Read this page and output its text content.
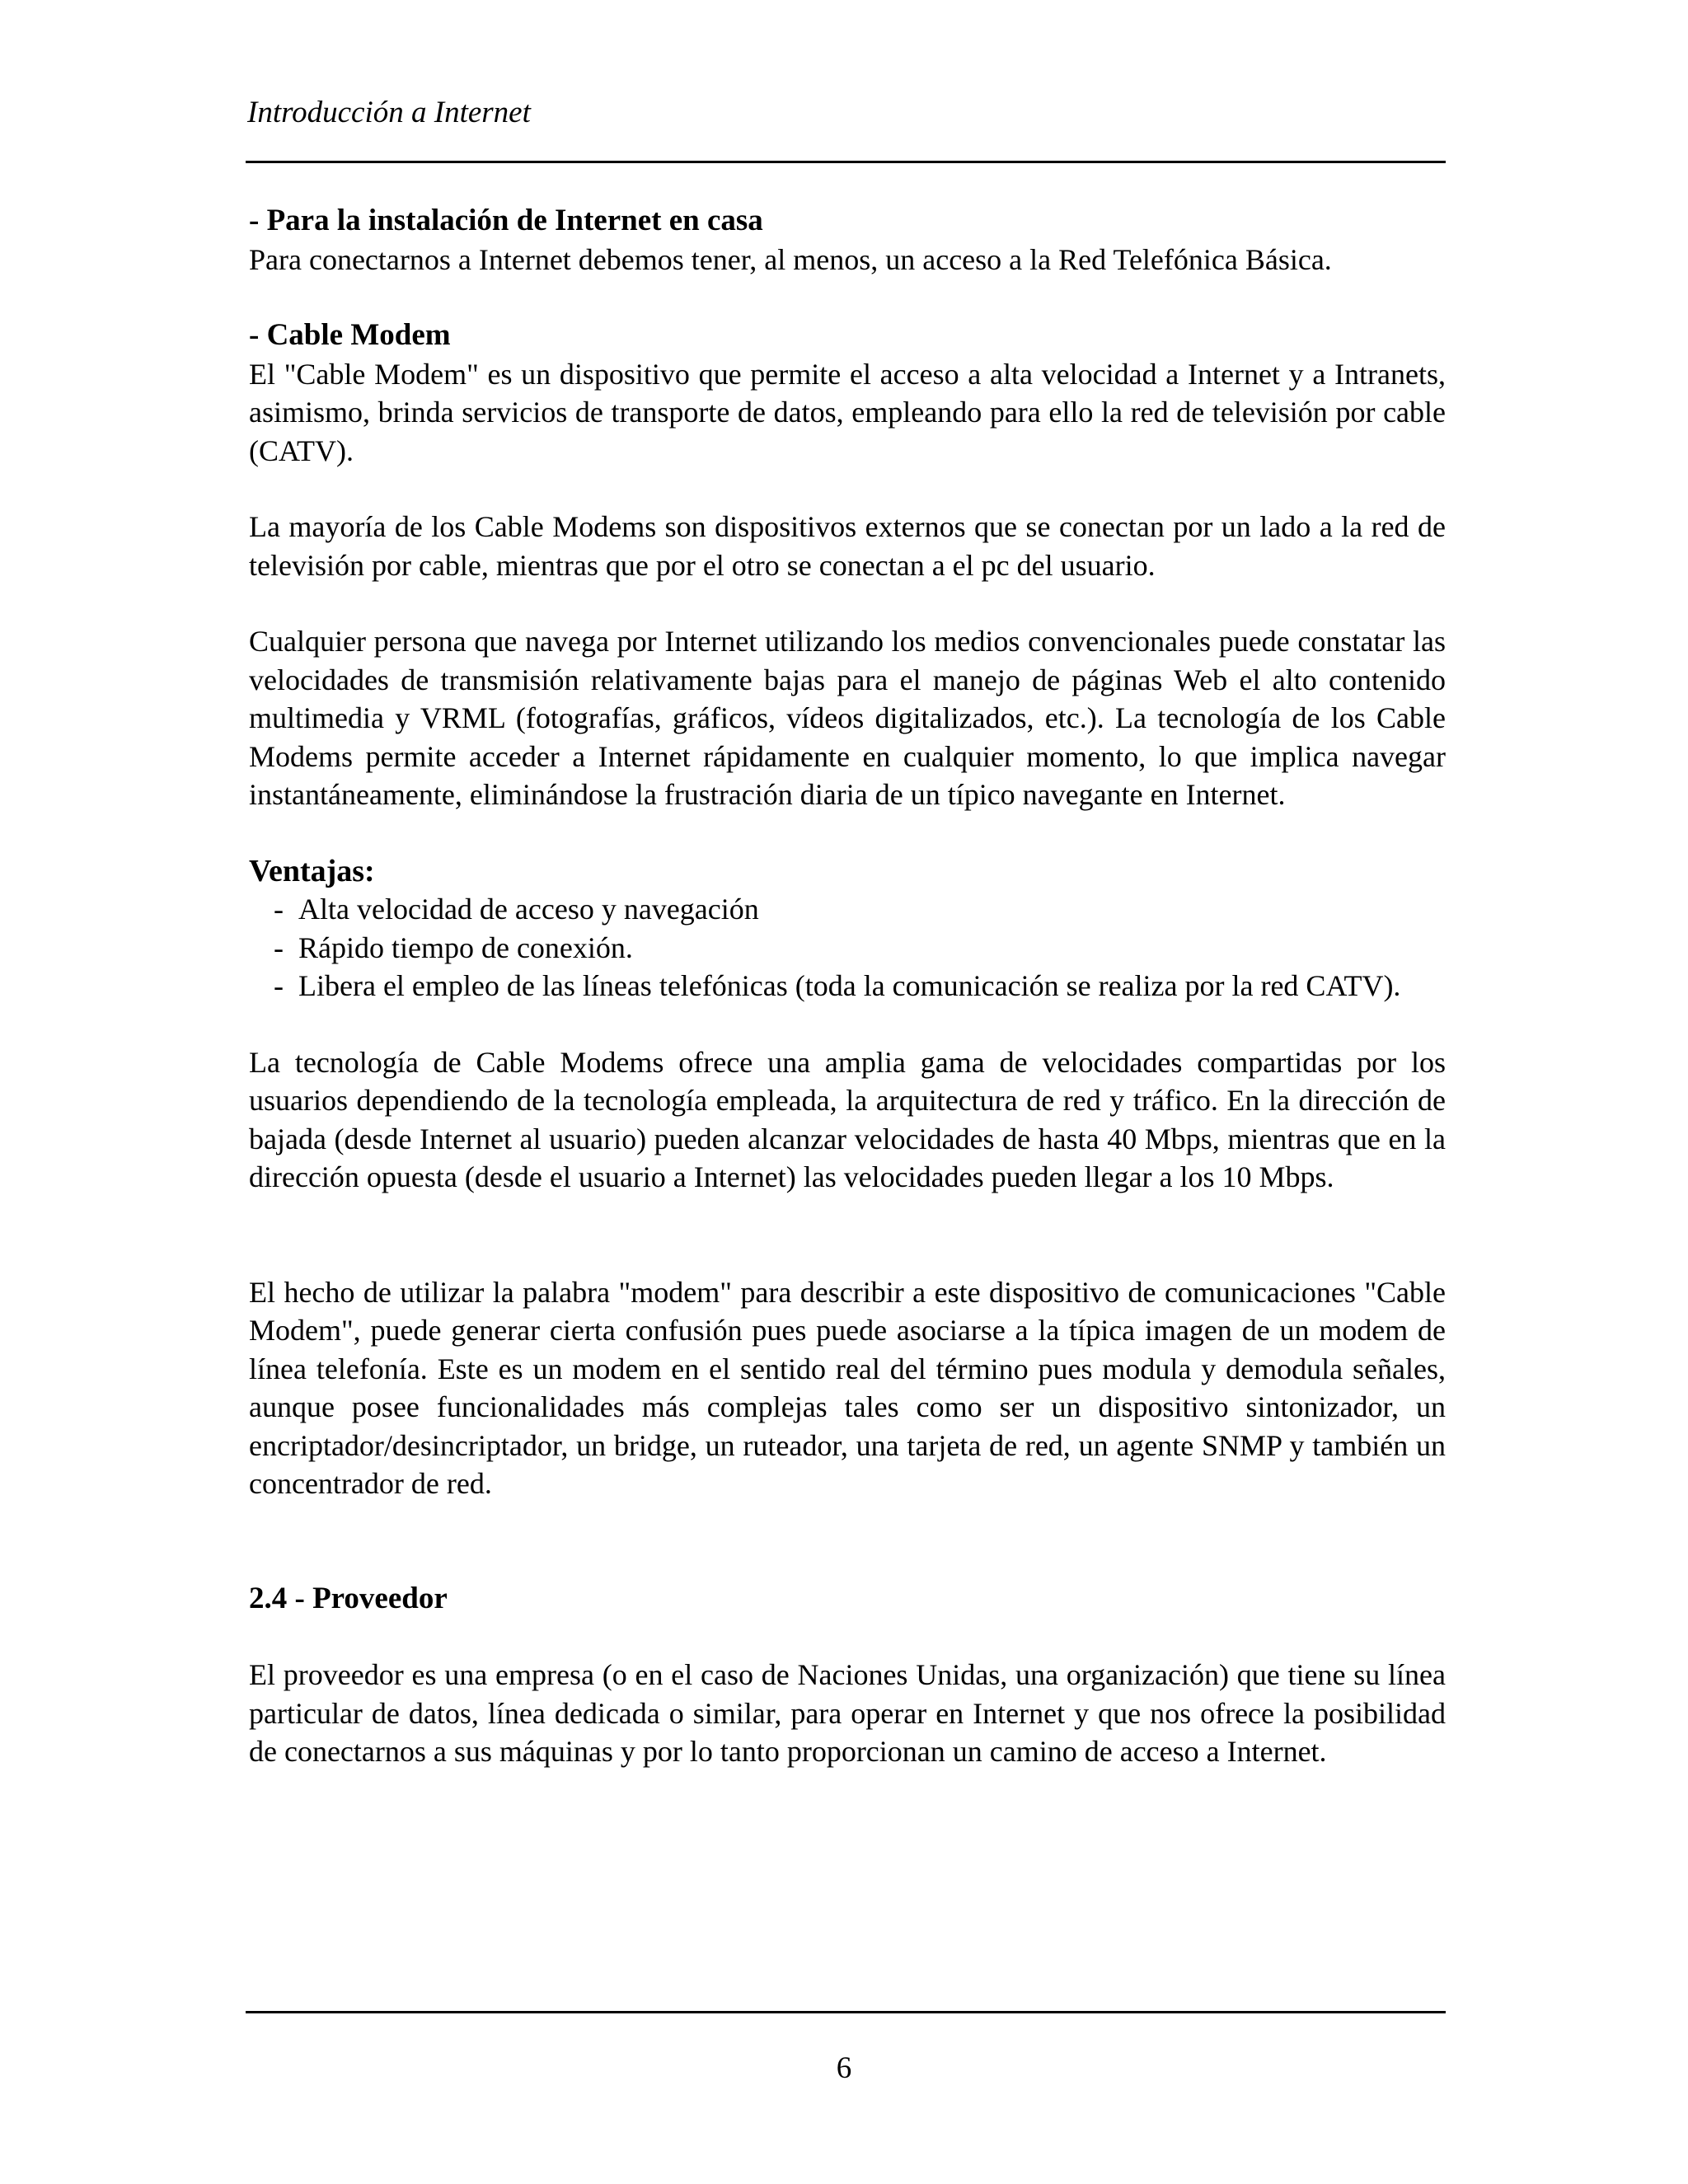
Introducción a Internet

- Para la instalación de Internet en casa

Para conectarnos a Internet debemos tener, al menos, un acceso a la Red Telefónica Básica.

- Cable Modem

El "Cable Modem" es un dispositivo que permite el acceso a alta velocidad a Internet y a Intranets, asimismo, brinda servicios de transporte de datos, empleando para ello la red de televisión por cable (CATV).

La mayoría de los Cable Modems son dispositivos externos que se conectan por un lado a la red de televisión por cable, mientras que por el otro se conectan a el pc del usuario.

Cualquier persona que navega por Internet utilizando los medios convencionales puede constatar las velocidades de transmisión relativamente bajas para el manejo de páginas Web el alto contenido multimedia y VRML (fotografías, gráficos, vídeos digitalizados, etc.). La tecnología de los Cable Modems permite acceder a Internet rápidamente en cualquier momento, lo que implica navegar instantáneamente, eliminándose la frustración diaria de un típico navegante en Internet.

Ventajas:

- Alta velocidad de acceso y navegación
- Rápido tiempo de conexión.
- Libera el empleo de las líneas telefónicas (toda la comunicación se realiza por la red CATV).

La tecnología de Cable Modems ofrece una amplia gama de velocidades compartidas por los usuarios dependiendo de la tecnología empleada, la arquitectura de red y tráfico. En la dirección de bajada (desde Internet al usuario) pueden alcanzar velocidades de hasta 40 Mbps, mientras que en la dirección opuesta (desde el usuario a Internet) las velocidades pueden llegar a los 10 Mbps.

El hecho de utilizar la palabra "modem" para describir a este dispositivo de comunicaciones "Cable Modem", puede generar cierta confusión pues puede asociarse a la típica imagen de un modem de línea telefonía. Este es un modem en el sentido real del término pues modula y demodula señales, aunque posee funcionalidades más complejas tales como ser un dispositivo sintonizador, un encriptador/desincriptador, un bridge, un ruteador, una tarjeta de red, un agente SNMP y también un concentrador de red.

2.4 - Proveedor

El proveedor es una empresa (o en el caso de Naciones Unidas, una organización) que tiene su línea particular de datos, línea dedicada o similar, para operar en Internet y que nos ofrece la posibilidad de conectarnos a sus máquinas y por lo tanto proporcionan un camino de acceso a Internet.

6
